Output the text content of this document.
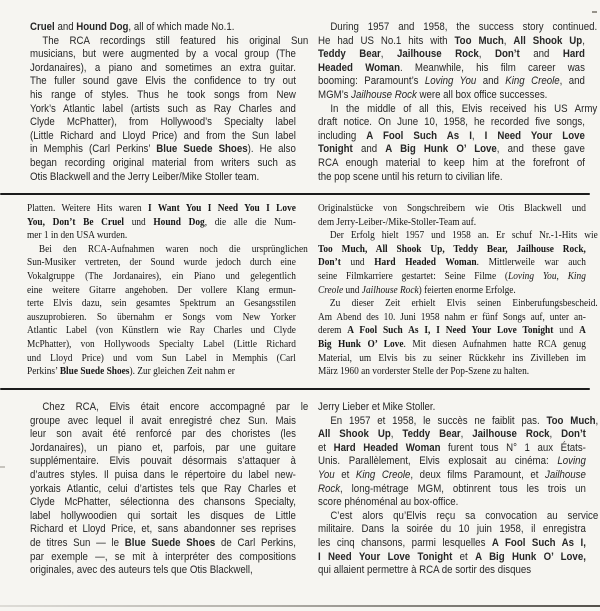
Cruel and Hound Dog, all of which made No.1.
The RCA recordings still featured his original Sun
musicians, but were augmented by a vocal group (The
Jordanaires), a piano and sometimes an extra guitar.
The fuller sound gave Elvis the confidence to try out
his range of styles. Thus he took songs from New
York’s Atlantic label (artists such as Ray Charles and
Clyde McPhatter), from Hollywood’s Specialty label
(Little Richard and Lloyd Price) and from the Sun label
in Memphis (Carl Perkins’ Blue Suede Shoes). He also
began recording original material from writers such as
Otis Blackwell and the Jerry Leiber/Mike Stoller team.
During 1957 and 1958, the success story continued.
He had US No.1 hits with Too Much, All Shook Up,
Teddy Bear, Jailhouse Rock, Don’t and Hard
Headed Woman. Meanwhile, his film career was
booming: Paramount’s Loving You and King Creole, and
MGM’s Jailhouse Rock were all box office successes.
In the middle of all this, Elvis received his US Army
draft notice. On June 10, 1958, he recorded five songs,
including A Fool Such As I, I Need Your Love
Tonight and A Big Hunk O’ Love, and these gave
RCA enough material to keep him at the forefront of
the pop scene until his return to civilian life.
Platten. Weitere Hits waren I Want You I Need You I Love
You, Don’t Be Cruel und Hound Dog, die alle die Num-
mer 1 in den USA wurden.
Bei den RCA-Aufnahmen waren noch die ursprünglichen
Sun-Musiker vertreten, der Sound wurde jedoch durch eine
Vokalgruppe (The Jordanaires), ein Piano und gelegentlich
eine weitere Gitarre angehoben. Der vollere Klang ermun-
terte Elvis dazu, sein gesamtes Spektrum an Gesangsstilen
auszuprobieren. So übernahm er Songs vom New Yorker
Atlantic Label (von Künstlern wie Ray Charles und Clyde
McPhatter), von Hollywoods Specialty Label (Little Richard
und Lloyd Price) und vom Sun Label in Memphis (Carl
Perkins’ Blue Suede Shoes). Zur gleichen Zeit nahm er
Originalstücke von Songschreibern wie Otis Blackwell und
dem Jerry-Leiber-/Mike-Stoller-Team auf.
Der Erfolg hielt 1957 und 1958 an. Er schuf Nr.-1-Hits wie
Too Much, All Shook Up, Teddy Bear, Jailhouse Rock,
Don’t und Hard Headed Woman. Mittlerweile war auch
seine Filmkarriere gestartet: Seine Filme (Loving You, King
Creole und Jailhouse Rock) feierten enorme Erfolge.
Zu dieser Zeit erhielt Elvis seinen Einberufungsbescheid.
Am Abend des 10. Juni 1958 nahm er fünf Songs auf, unter an-
derem A Fool Such As I, I Need Your Love Tonight und A
Big Hunk O’ Love. Mit diesen Aufnahmen hatte RCA genug
Material, um Elvis bis zu seiner Rückkehr ins Zivilleben im
März 1960 an vorderster Stelle der Pop-Szene zu halten.
Chez RCA, Elvis était encore accompagné par le
groupe avec lequel il avait enregistré chez Sun. Mais
leur son avait été renforcé par des choristes (les
Jordanaires), un piano et, parfois, par une guitare
supplémentaire. Elvis pouvait désormais s’attaquer à
d’autres styles. Il puisa dans le répertoire du label new-
yorkais Atlantic, celui d’artistes tels que Ray Charles et
Clyde McPhatter, sélectionna des chansons Specialty,
label hollywoodien qui sortait les disques de Little
Richard et Lloyd Price, et, sans abandonner ses reprises
de titres Sun — le Blue Suede Shoes de Carl Perkins,
par exemple —, se mit à interpréter des compositions
originales, avec des auteurs tels que Otis Blackwell,
Jerry Lieber et Mike Stoller.
En 1957 et 1958, le succès ne faiblit pas. Too Much,
All Shook Up, Teddy Bear, Jailhouse Rock, Don’t
et Hard Headed Woman furent tous N° 1 aux États-
Unis. Parallèlement, Elvis explosait au cinéma: Loving
You et King Creole, deux films Paramount, et Jailhouse
Rock, long-métrage MGM, obtinrent tous les trois un
score phénoménal au box-office.
C’est alors qu’Elvis reçu sa convocation au service
militaire. Dans la soirée du 10 juin 1958, il enregistra
les cinq chansons, parmi lesquelles A Fool Such As I,
I Need Your Love Tonight et A Big Hunk O’ Love,
qui allaient permettre à RCA de sortir des disques
